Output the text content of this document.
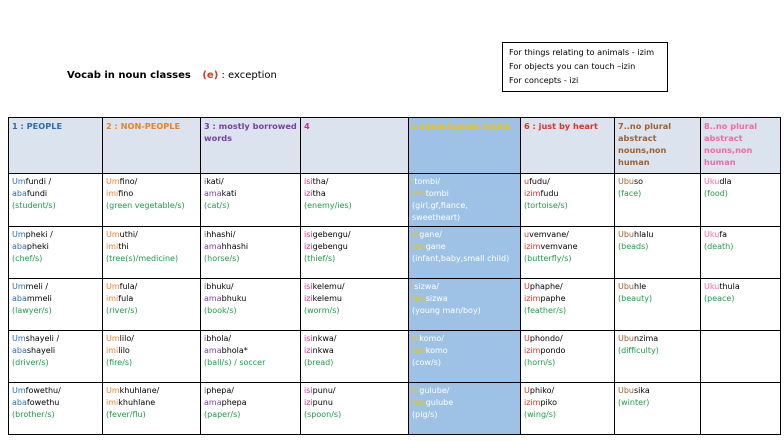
Vocab in noun classes (e) : exception
For things relating to animals - izim
For objects you can touch –izin
For concepts - izi
1 : PEOPLE	2 : NON-PEOPLE	3 : mostly borrowed words	4	5 some human nouns	6 : just by heart	7..no plural abstract nouns,non human	8..no plural abstract nouns,non human
Umfundi /
abafundi
(student/s)	Umfino/
imifino
(green vegetable/s)	ikati/
amakati
(cat/s)	isitha/
izitha
(enemy/ies)	itombi/
izintombi
(girl,gf,fiance, sweetheart)	ufudu/
izimfudu
(tortoise/s)	Ubuso
(face)	Ukudla
(food)
Umpheki /
abapheki
(chef/s)	Umuthi/
imithi
(tree(s)/medicine)	ihhashi/
amahhashi
(horse/s)	isigebengu/
izigebengu
(thief/s)	ingane/
izingane
(infant,baby,small child)	uvemvane/
izimvemvane
(butterfly/s)	Ubuhlalu
(beads)	Ukufa
(death)
Ummeli /
abammeli
(lawyer/s)	Umfula/
imifula
(river/s)	ibhuku/
amabhuku
(book/s)	isikelemu/
izikelemu
(worm/s)	isizwa/
izinsizwa
(young man/boy)	Uphaphe/
izimpaphe
(feather/s)	Ubuhle
(beauty)	Ukuthula
(peace)
Umshayeli /
abashayeli
(driver/s)	Umlilo/
imililo
(fire/s)	ibhola/
amabhola*
(ball/s) / soccer	isinkwa/
izinkwa
(bread)	inkomo/
izinkomo
(cow/s)	Uphondo/
izimpondo
(horn/s)	Ubunzima
(difficulty)	
Umfowethu/
abafowethu
(brother/s)	Umkhuhlane/
imikhuhlane
(fever/flu)	iphepa/
amaphepa
(paper/s)	isipunu/
izipunu
(spoon/s)	ingulube/
izingulube
(pig/s)	Uphiko/
izimpiko
(wing/s)	Ubusika
(winter)	
